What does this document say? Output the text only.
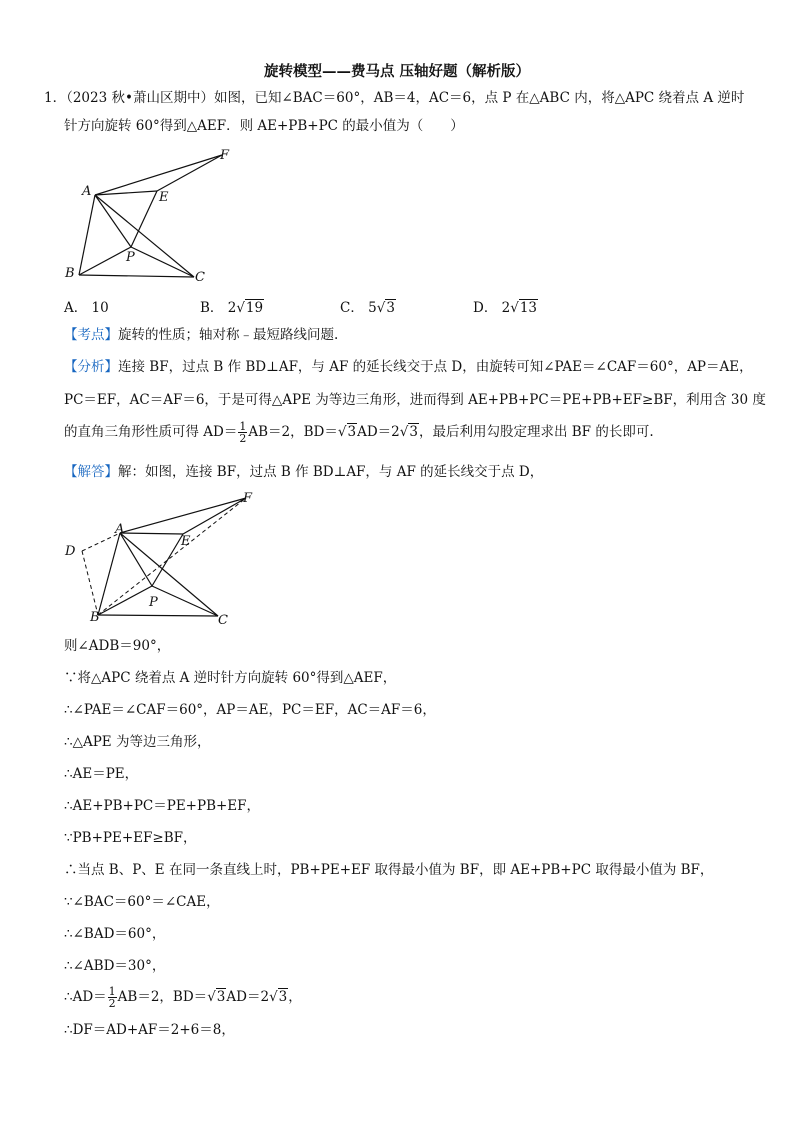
旋转模型——费马点 压轴好题（解析版）
1．（2023 秋•萧山区期中）如图，已知∠BAC＝60°，AB＝4，AC＝6，点 P 在△ABC 内，将△APC 绕着点 A 逆时
针方向旋转 60°得到△AEF．则 AE+PB+PC 的最小值为（　　）
A
B	C
E
F
P
A． 10	B． 2√19	C． 5√3	D． 2√13
【考点】旋转的性质；轴对称﹣最短路线问题.
【分析】连接 BF，过点 B 作 BD⊥AF，与 AF 的延长线交于点 D，由旋转可知∠PAE＝∠CAF＝60°，AP＝AE，
PC＝EF，AC＝AF＝6，于是可得△APE 为等边三角形，进而得到 AE+PB+PC＝PE+PB+EF≥BF，利用含 30 度
的直角三角形性质可得 $AD= \frac{1}{2} AB=2$，BD＝√3AD＝2√3，最后利用勾股定理求出 BF 的长即可.
【解答】解：如图，连接 BF，过点 B 作 BD⊥AF，与 AF 的延长线交于点 D，
A
B	C
D
E
F
P
则∠ADB＝90°，
∵将△APC 绕着点 A 逆时针方向旋转 60°得到△AEF，
∴∠PAE＝∠CAF＝60°，AP＝AE，PC＝EF，AC＝AF＝6，
∴△APE 为等边三角形，
∴AE＝PE，
∴AE+PB+PC＝PE+PB+EF，
∵PB+PE+EF≥BF，
∴当点 B、P、E 在同一条直线上时，PB+PE+EF 取得最小值为 BF，即 AE+PB+PC 取得最小值为 BF，
∵∠BAC＝60°＝∠CAE，
∴∠BAD＝60°，
∴∠ABD＝30°，
∴AD＝ $\frac{1}{2} AB=2$，BD＝√3AD＝2√3，
∴DF＝AD+AF＝2+6＝8，
